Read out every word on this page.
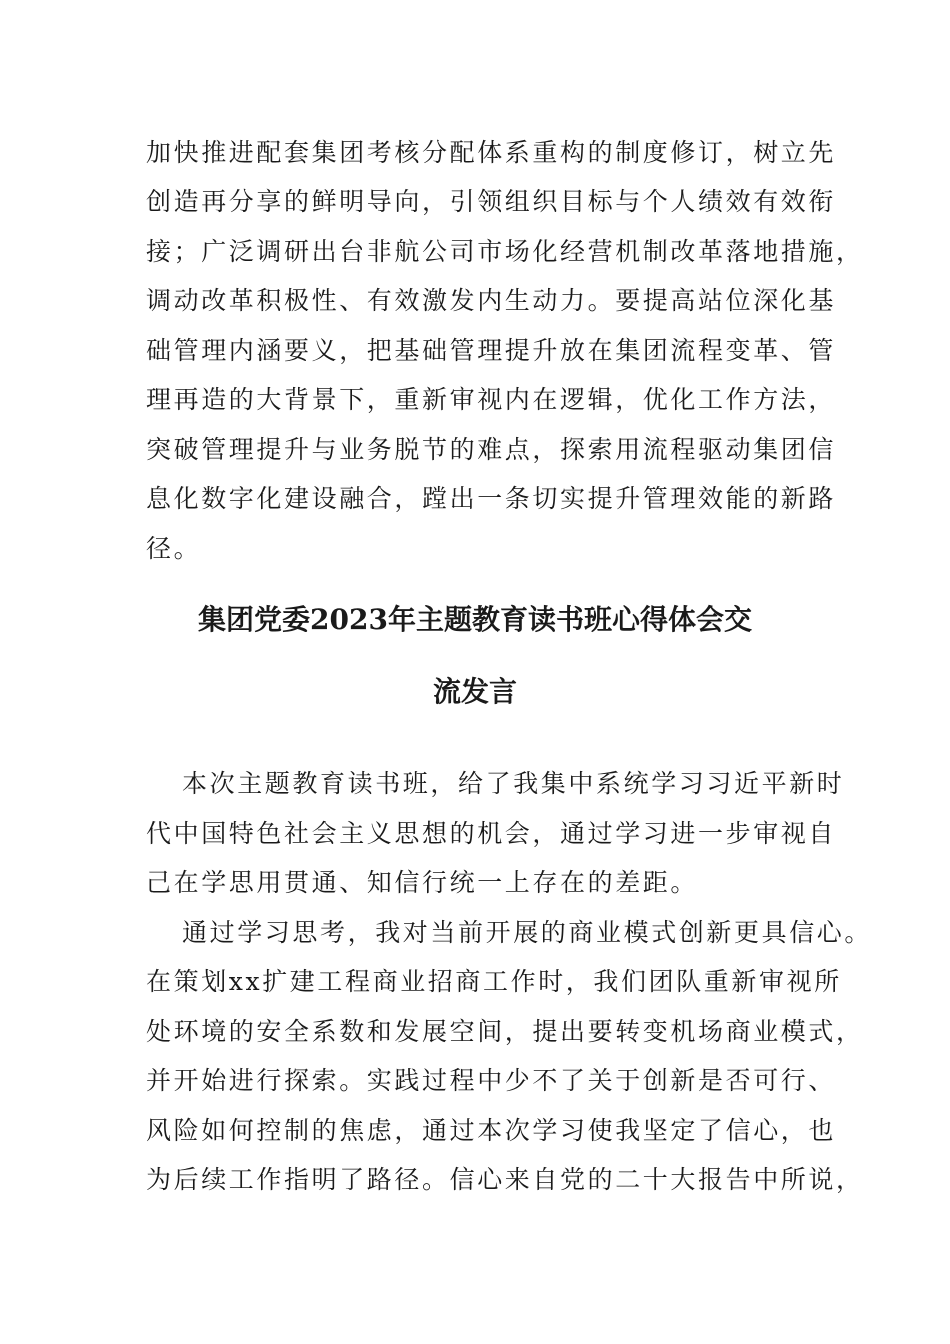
加快推进配套集团考核分配体系重构的制度修订，树立先
创造再分享的鲜明导向，引领组织目标与个人绩效有效衔
接；广泛调研出台非航公司市场化经营机制改革落地措施，
调动改革积极性、有效激发内生动力。要提高站位深化基
础管理内涵要义，把基础管理提升放在集团流程变革、管
理再造的大背景下，重新审视内在逻辑，优化工作方法，
突破管理提升与业务脱节的难点，探索用流程驱动集团信
息化数字化建设融合，蹚出一条切实提升管理效能的新路
径。
集团党委2023年主题教育读书班心得体会交
流发言
本次主题教育读书班，给了我集中系统学习习近平新时
代中国特色社会主义思想的机会，通过学习进一步审视自
己在学思用贯通、知信行统一上存在的差距。
通过学习思考，我对当前开展的商业模式创新更具信心。
在策划xx扩建工程商业招商工作时，我们团队重新审视所
处环境的安全系数和发展空间，提出要转变机场商业模式，
并开始进行探索。实践过程中少不了关于创新是否可行、
风险如何控制的焦虑，通过本次学习使我坚定了信心，也
为后续工作指明了路径。信心来自党的二十大报告中所说，
